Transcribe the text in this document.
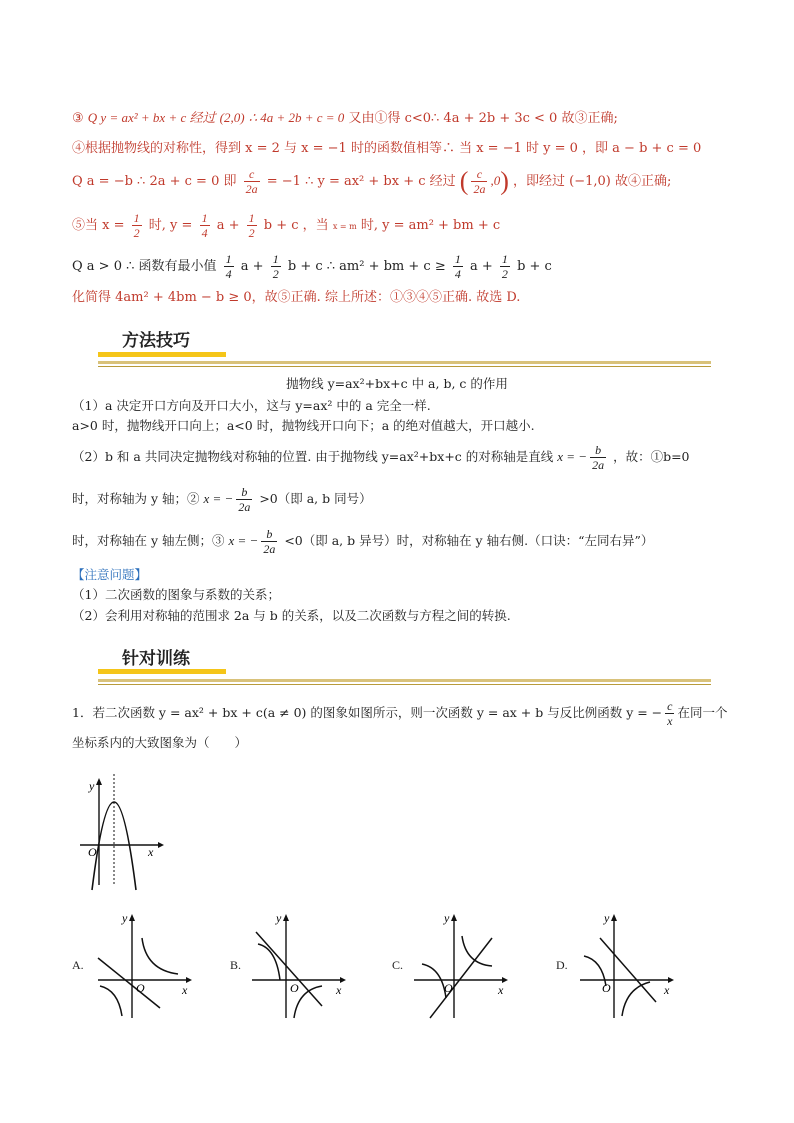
③ Q y = ax² + bx + c 经过 (2,0) ∴ 4a + 2b + c = 0 又由①得 c<0∴ 4a + 2b + 3c < 0 故③正确;
④根据抛物线的对称性，得到 x = 2 与 x = −1 时的函数值相等∴ 当 x = −1 时 y = 0 ，即 a − b + c = 0
Q a = −b ∴ 2a + c = 0 即 $\frac{c}{2a} = -1$ ∴ y = ax² + bx + c 经过 ( $\frac{c}{2a} ,0$) ，即经过 (−1,0) 故④正确;
⑤当 $x = \frac{1}{2}$ 时, $y = \frac{1}{4}$ $a + \frac{1}{2}$ b + c ，当 x = m 时, y = am² + bm + c
Q a > 0 ∴ 函数有最小值 $\frac{1}{4}$ $a + \frac{1}{2}$ b + c ∴ am² + bm + $c \ge \frac{1}{4}$ $a + \frac{1}{2}$ b + c
化简得 4am² + 4bm − b ≥ 0，故⑤正确. 综上所述：①③④⑤正确. 故选 D.
方法技巧
抛物线 y=ax²+bx+c 中 a, b, c 的作用
（1）a 决定开口方向及开口大小，这与 y=ax² 中的 a 完全一样.
a>0 时，抛物线开口向上；a<0 时，抛物线开口向下；a 的绝对值越大，开口越小.
（2）b 和 a 共同决定抛物线对称轴的位置. 由于抛物线 y=ax²+bx+c 的对称轴是直线 x = − $\frac{b}{2a}$ ，故：①b=0
时，对称轴为 y 轴；② x = − $\frac{b}{2a} >0$（即 a, b 同号）
时，对称轴在 y 轴左侧；③ x = − $\frac{b}{2a} <0$（即 a, b 异号）时，对称轴在 y 轴右侧.（口诀：“左同右异”）
【注意问题】
（1）二次函数的图象与系数的关系；
（2）会利用对称轴的范围求 2a 与 b 的关系，以及二次函数与方程之间的转换.
针对训练
1．若二次函数 y = ax² + bx + c(a ≠ 0) 的图象如图所示，则一次函数 y = ax + b 与反比例函数 y = − $\frac{c}{x}$ 在同一个
坐标系内的大致图象为（　　）
y
x
O
A.
y
x
O
B.
y
x
O
C.
y
x
O
D.
y
x
O
